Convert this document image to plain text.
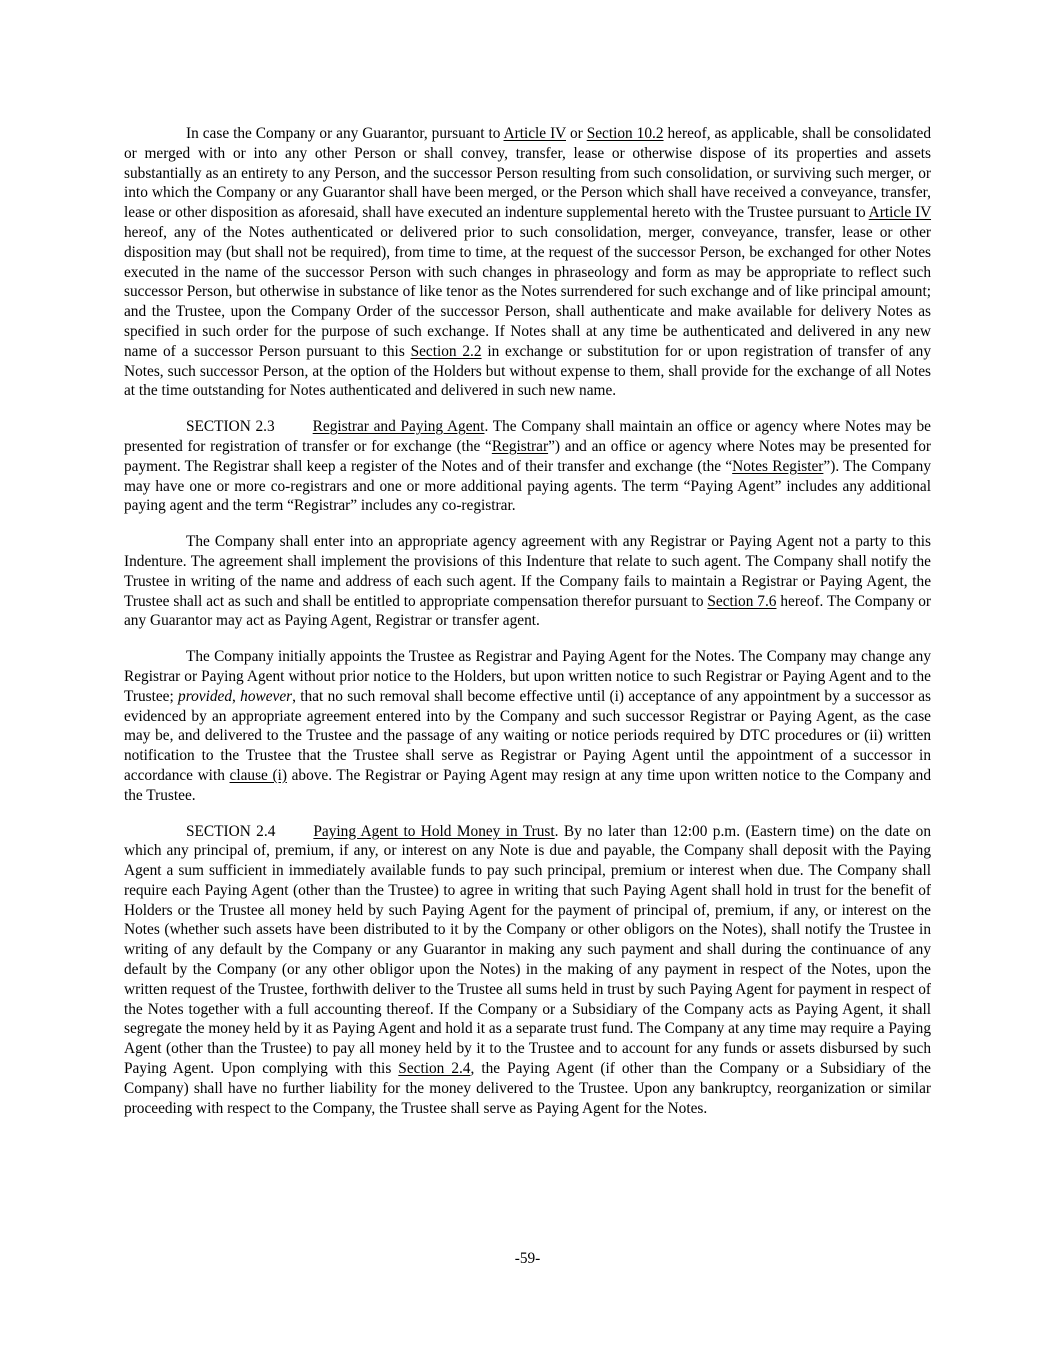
In case the Company or any Guarantor, pursuant to Article IV or Section 10.2 hereof, as applicable, shall be consolidated or merged with or into any other Person or shall convey, transfer, lease or otherwise dispose of its properties and assets substantially as an entirety to any Person, and the successor Person resulting from such consolidation, or surviving such merger, or into which the Company or any Guarantor shall have been merged, or the Person which shall have received a conveyance, transfer, lease or other disposition as aforesaid, shall have executed an indenture supplemental hereto with the Trustee pursuant to Article IV hereof, any of the Notes authenticated or delivered prior to such consolidation, merger, conveyance, transfer, lease or other disposition may (but shall not be required), from time to time, at the request of the successor Person, be exchanged for other Notes executed in the name of the successor Person with such changes in phraseology and form as may be appropriate to reflect such successor Person, but otherwise in substance of like tenor as the Notes surrendered for such exchange and of like principal amount; and the Trustee, upon the Company Order of the successor Person, shall authenticate and make available for delivery Notes as specified in such order for the purpose of such exchange. If Notes shall at any time be authenticated and delivered in any new name of a successor Person pursuant to this Section 2.2 in exchange or substitution for or upon registration of transfer of any Notes, such successor Person, at the option of the Holders but without expense to them, shall provide for the exchange of all Notes at the time outstanding for Notes authenticated and delivered in such new name.

SECTION 2.3 Registrar and Paying Agent. The Company shall maintain an office or agency where Notes may be presented for registration of transfer or for exchange (the “Registrar”) and an office or agency where Notes may be presented for payment. The Registrar shall keep a register of the Notes and of their transfer and exchange (the “Notes Register”). The Company may have one or more co-registrars and one or more additional paying agents. The term “Paying Agent” includes any additional paying agent and the term “Registrar” includes any co-registrar.

The Company shall enter into an appropriate agency agreement with any Registrar or Paying Agent not a party to this Indenture. The agreement shall implement the provisions of this Indenture that relate to such agent. The Company shall notify the Trustee in writing of the name and address of each such agent. If the Company fails to maintain a Registrar or Paying Agent, the Trustee shall act as such and shall be entitled to appropriate compensation therefor pursuant to Section 7.6 hereof. The Company or any Guarantor may act as Paying Agent, Registrar or transfer agent.

The Company initially appoints the Trustee as Registrar and Paying Agent for the Notes. The Company may change any Registrar or Paying Agent without prior notice to the Holders, but upon written notice to such Registrar or Paying Agent and to the Trustee; provided, however, that no such removal shall become effective until (i) acceptance of any appointment by a successor as evidenced by an appropriate agreement entered into by the Company and such successor Registrar or Paying Agent, as the case may be, and delivered to the Trustee and the passage of any waiting or notice periods required by DTC procedures or (ii) written notification to the Trustee that the Trustee shall serve as Registrar or Paying Agent until the appointment of a successor in accordance with clause (i) above. The Registrar or Paying Agent may resign at any time upon written notice to the Company and the Trustee.

SECTION 2.4 Paying Agent to Hold Money in Trust. By no later than 12:00 p.m. (Eastern time) on the date on which any principal of, premium, if any, or interest on any Note is due and payable, the Company shall deposit with the Paying Agent a sum sufficient in immediately available funds to pay such principal, premium or interest when due. The Company shall require each Paying Agent (other than the Trustee) to agree in writing that such Paying Agent shall hold in trust for the benefit of Holders or the Trustee all money held by such Paying Agent for the payment of principal of, premium, if any, or interest on the Notes (whether such assets have been distributed to it by the Company or other obligors on the Notes), shall notify the Trustee in writing of any default by the Company or any Guarantor in making any such payment and shall during the continuance of any default by the Company (or any other obligor upon the Notes) in the making of any payment in respect of the Notes, upon the written request of the Trustee, forthwith deliver to the Trustee all sums held in trust by such Paying Agent for payment in respect of the Notes together with a full accounting thereof. If the Company or a Subsidiary of the Company acts as Paying Agent, it shall segregate the money held by it as Paying Agent and hold it as a separate trust fund. The Company at any time may require a Paying Agent (other than the Trustee) to pay all money held by it to the Trustee and to account for any funds or assets disbursed by such Paying Agent. Upon complying with this Section 2.4, the Paying Agent (if other than the Company or a Subsidiary of the Company) shall have no further liability for the money delivered to the Trustee. Upon any bankruptcy, reorganization or similar proceeding with respect to the Company, the Trustee shall serve as Paying Agent for the Notes.

-59-
